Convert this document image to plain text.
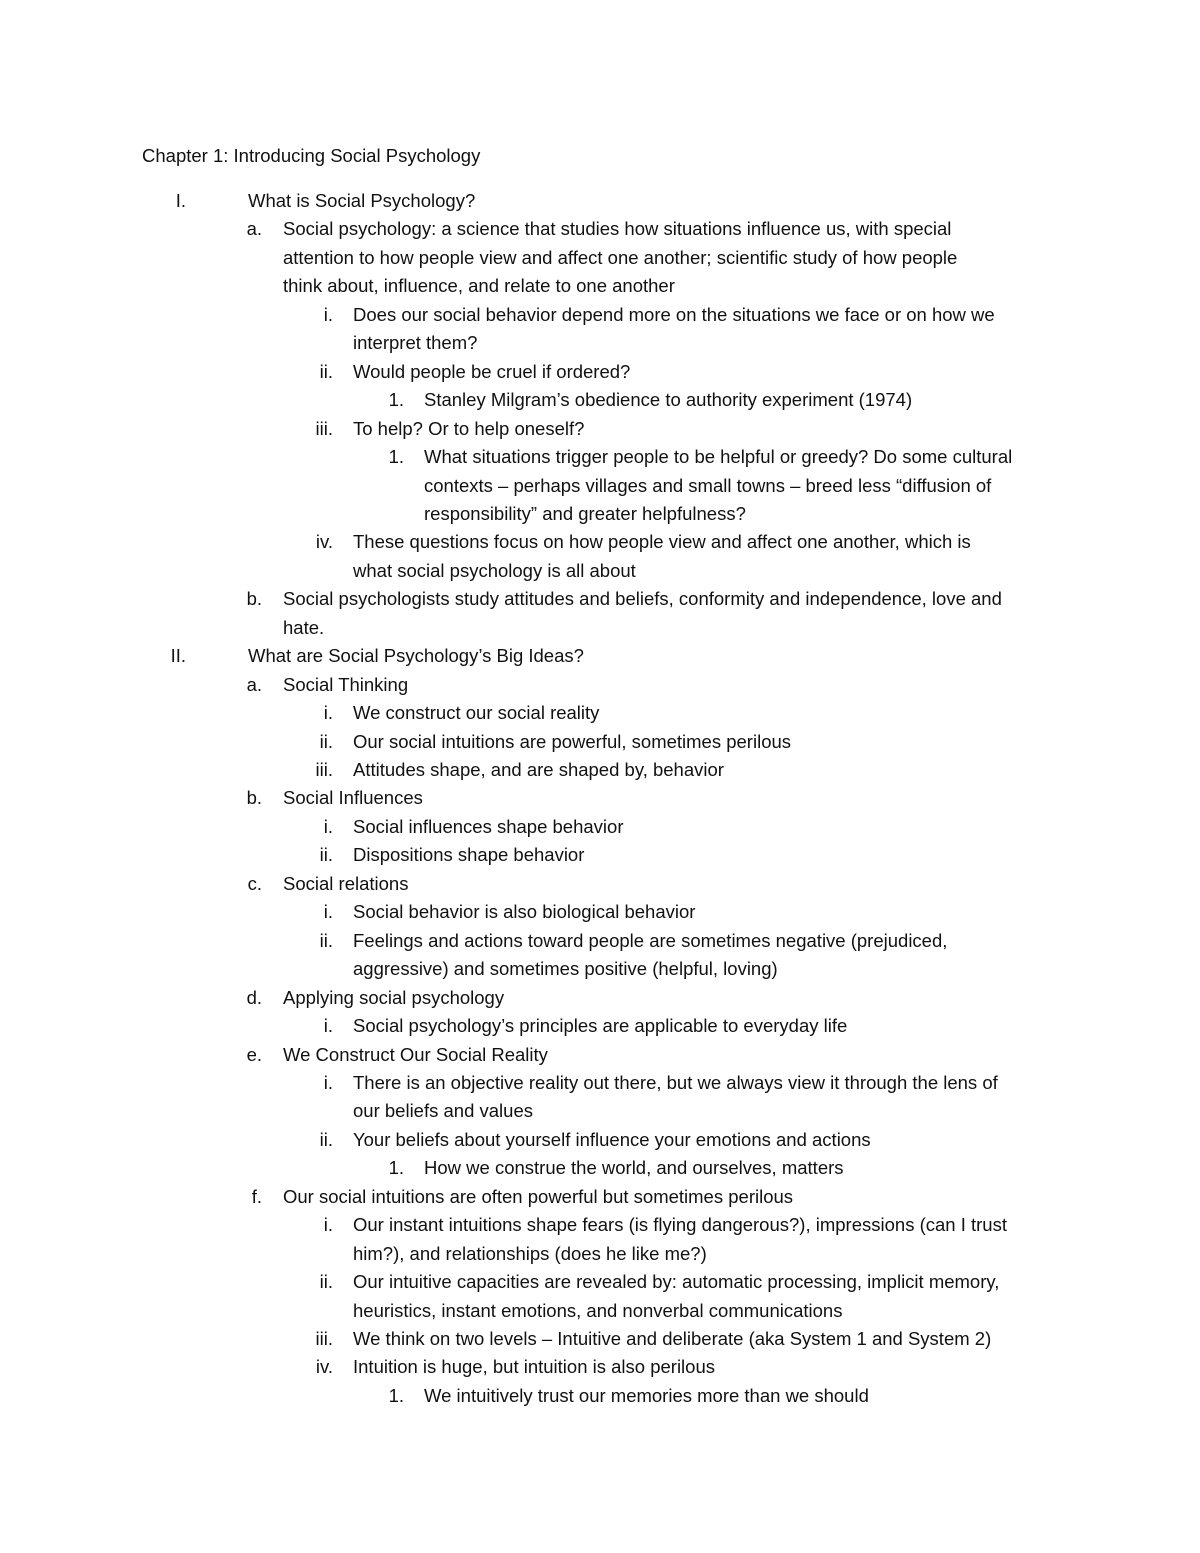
Chapter 1: Introducing Social Psychology
I.	What is Social Psychology?
a. Social psychology: a science that studies how situations influence us, with special
attention to how people view and affect one another; scientific study of how people
think about, influence, and relate to one another
i. Does our social behavior depend more on the situations we face or on how we
interpret them?
ii. Would people be cruel if ordered?
1. Stanley Milgram’s obedience to authority experiment (1974)
iii. To help? Or to help oneself?
1. What situations trigger people to be helpful or greedy? Do some cultural
contexts – perhaps villages and small towns – breed less “diffusion of
responsibility” and greater helpfulness?
iv. These questions focus on how people view and affect one another, which is
what social psychology is all about
b. Social psychologists study attitudes and beliefs, conformity and independence, love and
hate.
II.	What are Social Psychology’s Big Ideas?
a. Social Thinking
i. We construct our social reality
ii. Our social intuitions are powerful, sometimes perilous
iii. Attitudes shape, and are shaped by, behavior
b. Social Influences
i. Social influences shape behavior
ii. Dispositions shape behavior
c. Social relations
i. Social behavior is also biological behavior
ii. Feelings and actions toward people are sometimes negative (prejudiced,
aggressive) and sometimes positive (helpful, loving)
d. Applying social psychology
i. Social psychology’s principles are applicable to everyday life
e. We Construct Our Social Reality
i. There is an objective reality out there, but we always view it through the lens of
our beliefs and values
ii. Your beliefs about yourself influence your emotions and actions
1. How we construe the world, and ourselves, matters
f. Our social intuitions are often powerful but sometimes perilous
i. Our instant intuitions shape fears (is flying dangerous?), impressions (can I trust
him?), and relationships (does he like me?)
ii. Our intuitive capacities are revealed by: automatic processing, implicit memory,
heuristics, instant emotions, and nonverbal communications
iii. We think on two levels – Intuitive and deliberate (aka System 1 and System 2)
iv. Intuition is huge, but intuition is also perilous
1. We intuitively trust our memories more than we should
